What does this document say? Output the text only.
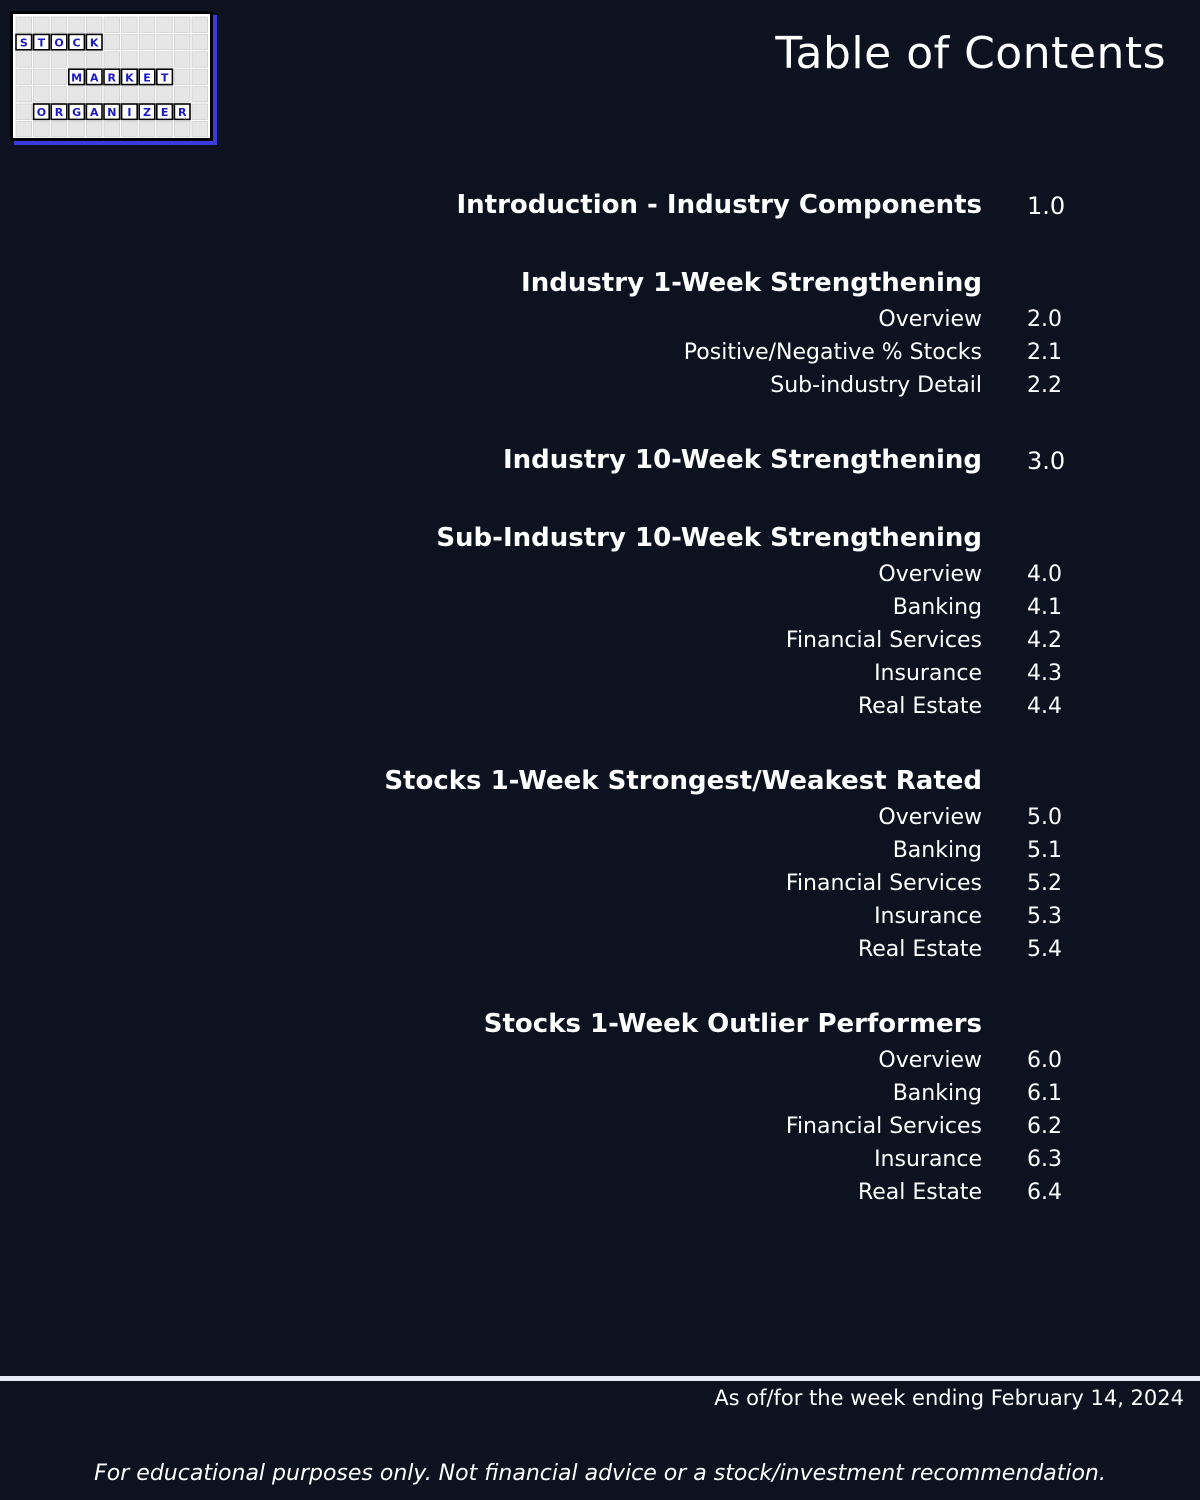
S T O C K
M A R K E T
O R G A N I Z E R
Table of Contents
Introduction - Industry Components 1.0
Industry 1-Week Strengthening
Overview 2.0
Positive/Negative % Stocks 2.1
Sub-industry Detail 2.2
Industry 10-Week Strengthening 3.0
Sub-Industry 10-Week Strengthening
Overview 4.0
Banking 4.1
Financial Services 4.2
Insurance 4.3
Real Estate 4.4
Stocks 1-Week Strongest/Weakest Rated
Overview 5.0
Banking 5.1
Financial Services 5.2
Insurance 5.3
Real Estate 5.4
Stocks 1-Week Outlier Performers
Overview 6.0
Banking 6.1
Financial Services 6.2
Insurance 6.3
Real Estate 6.4
As of/for the week ending February 14, 2024
For educational purposes only. Not financial advice or a stock/investment recommendation.
